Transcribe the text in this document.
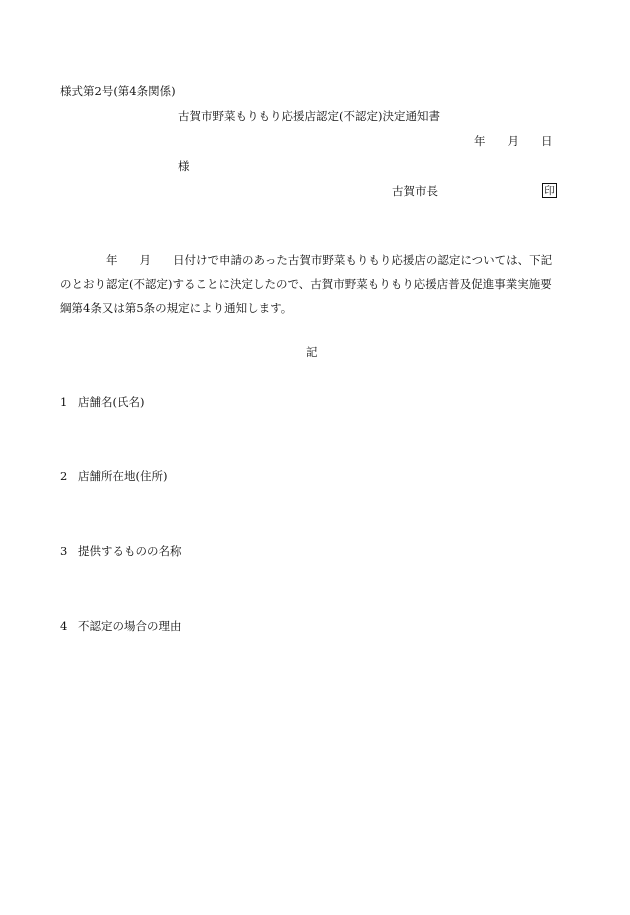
様式第2号(第4条関係)
古賀市野菜もりもり応援店認定(不認定)決定通知書
年 月 日
様
古賀市長	印
年 月 日付けで申請のあった古賀市野菜もりもり応援店の認定については、下記
のとおり認定(不認定)することに決定したので、古賀市野菜もりもり応援店普及促進事業実施要
綱第4条又は第5条の規定により通知します。
記
1 店舗名(氏名)
2 店舗所在地(住所)
3 提供するものの名称
4 不認定の場合の理由
